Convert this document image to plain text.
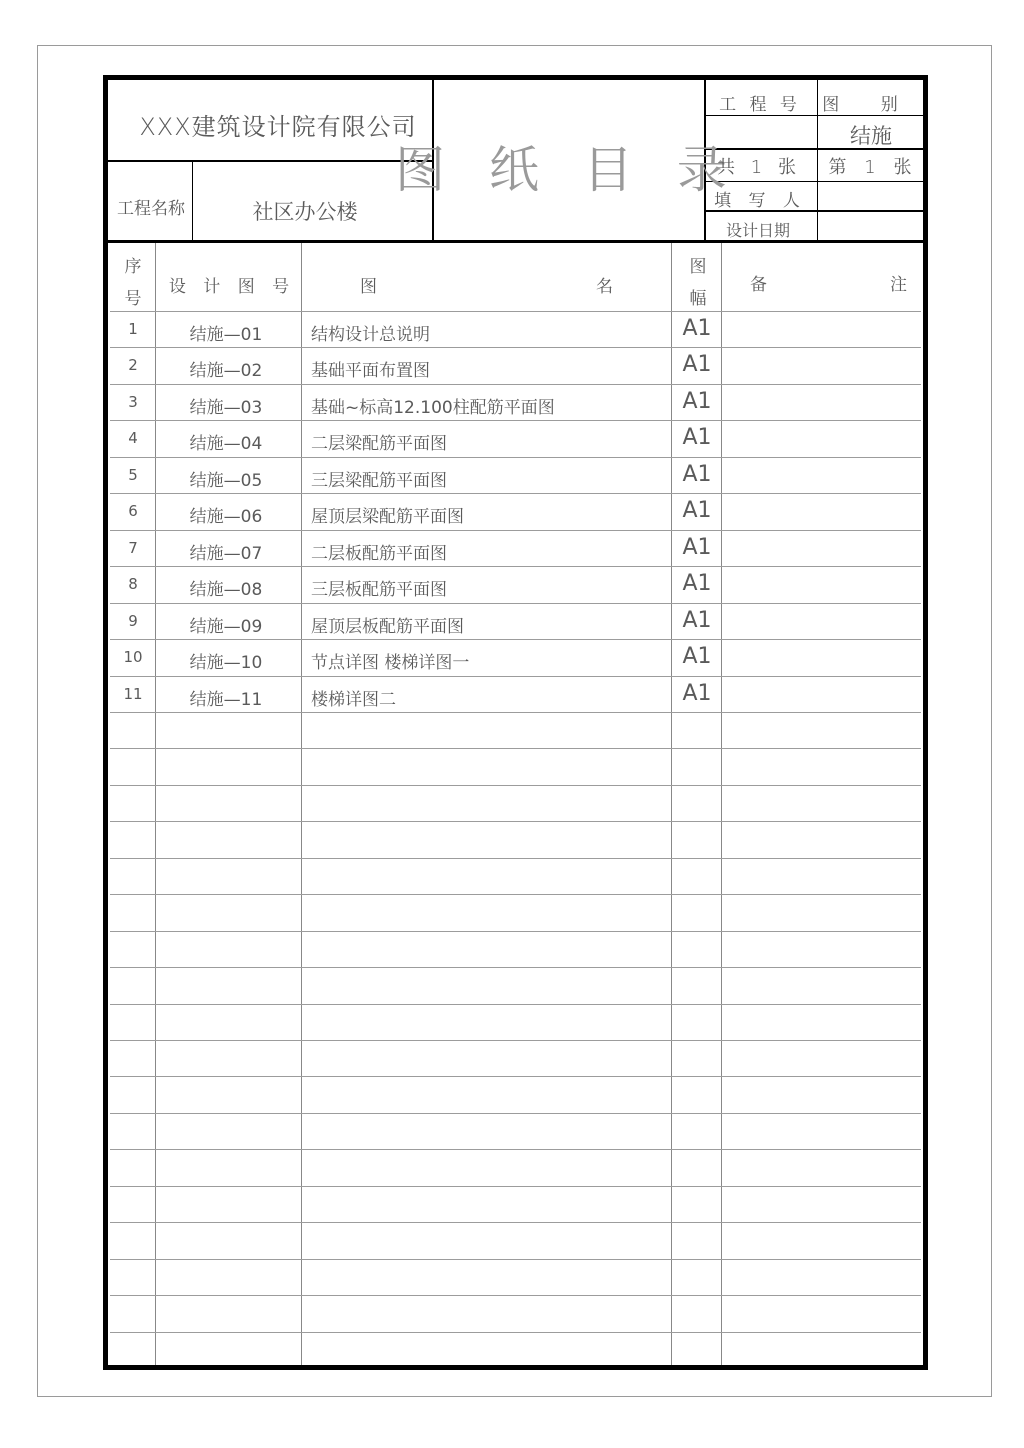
XXX建筑设计院有限公司
工程名称	社区办公楼
图 纸 目 录
工 程 号 图 别
结施
共 1 张 第 1 张
填 写 人
设计日期
序
号
设 计 图 号	图	名
图
幅
备	注
1	结施—01	结构设计总说明	A1
2	结施—02	基础平面布置图	A1
3	结施—03	基础~标高12.100柱配筋平面图	A1
4	结施—04	二层梁配筋平面图	A1
5	结施—05	三层梁配筋平面图	A1
6	结施—06	屋顶层梁配筋平面图	A1
7	结施—07	二层板配筋平面图	A1
8	结施—08	三层板配筋平面图	A1
9	结施—09	屋顶层板配筋平面图	A1
10	结施—10	节点详图 楼梯详图一	A1
11	结施—11	楼梯详图二	A1
